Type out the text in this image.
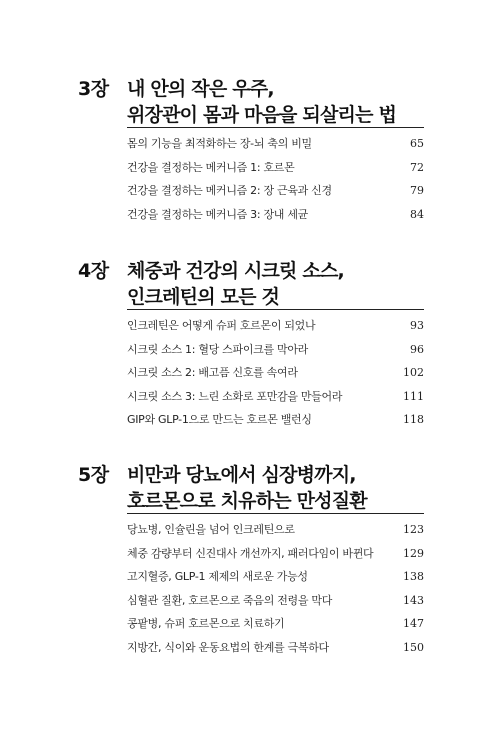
3장 내 안의 작은 우주,
위장관이 몸과 마음을 되살리는 법
몸의 기능을 최적화하는 장-뇌 축의 비밀	65
건강을 결정하는 메커니즘 1: 호르몬	72
건강을 결정하는 메커니즘 2: 장 근육과 신경	79
건강을 결정하는 메커니즘 3: 장내 세균	84
4장 체중과 건강의 시크릿 소스,
인크레틴의 모든 것
인크레틴은 어떻게 슈퍼 호르몬이 되었나	93
시크릿 소스 1: 혈당 스파이크를 막아라	96
시크릿 소스 2: 배고픔 신호를 속여라	102
시크릿 소스 3: 느린 소화로 포만감을 만들어라	111
GIP와 GLP-1으로 만드는 호르몬 밸런싱	118
5장 비만과 당뇨에서 심장병까지,
호르몬으로 치유하는 만성질환
당뇨병, 인슐린을 넘어 인크레틴으로	123
체중 감량부터 신진대사 개선까지, 패러다임이 바뀐다	129
고지혈증, GLP-1 제제의 새로운 가능성	138
심혈관 질환, 호르몬으로 죽음의 전령을 막다	143
콩팥병, 슈퍼 호르몬으로 치료하기	147
지방간, 식이와 운동요법의 한계를 극복하다	150
